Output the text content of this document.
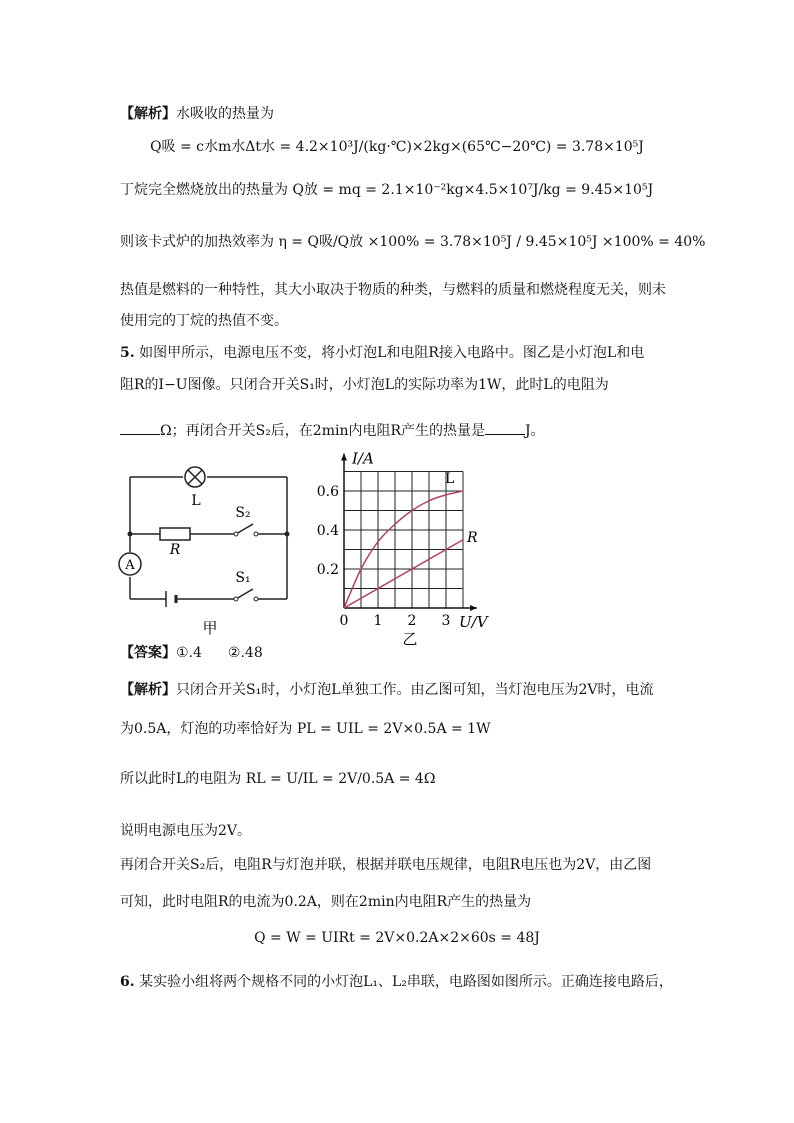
【解析】水吸收的热量为
Q吸 = c水m水Δt水 = 4.2×10³J/(kg·℃)×2kg×(65℃−20℃) = 3.78×10⁵J
丁烷完全燃烧放出的热量为 Q放 = mq = 2.1×10⁻²kg×4.5×10⁷J/kg = 9.45×10⁵J
则该卡式炉的加热效率为 η = Q吸/Q放 ×100% = 3.78×10⁵J / 9.45×10⁵J ×100% = 40%
热值是燃料的一种特性，其大小取决于物质的种类，与燃料的质量和燃烧程度无关，则未
使用完的丁烷的热值不变。
5. 如图甲所示，电源电压不变，将小灯泡L和电阻R接入电路中。图乙是小灯泡L和电
阻R的I−U图像。只闭合开关S₁时，小灯泡L的实际功率为1W，此时L的电阻为
Ω；再闭合开关S₂后，在2min内电阻R产生的热量是	J。
A
L
R
S₂
S₁
甲	0 1 2 3
0.2
0.4
0.6
I/A
U/V
L
R
乙
【答案】①.4 ②.48
【解析】只闭合开关S₁时，小灯泡L单独工作。由乙图可知，当灯泡电压为2V时，电流
为0.5A，灯泡的功率恰好为 PL = UIL = 2V×0.5A = 1W
所以此时L的电阻为 RL = U/IL = 2V/0.5A = 4Ω
说明电源电压为2V。
再闭合开关S₂后，电阻R与灯泡并联，根据并联电压规律，电阻R电压也为2V，由乙图
可知，此时电阻R的电流为0.2A，则在2min内电阻R产生的热量为
Q = W = UIRt = 2V×0.2A×2×60s = 48J
6. 某实验小组将两个规格不同的小灯泡L₁、L₂串联，电路图如图所示。正确连接电路后，
